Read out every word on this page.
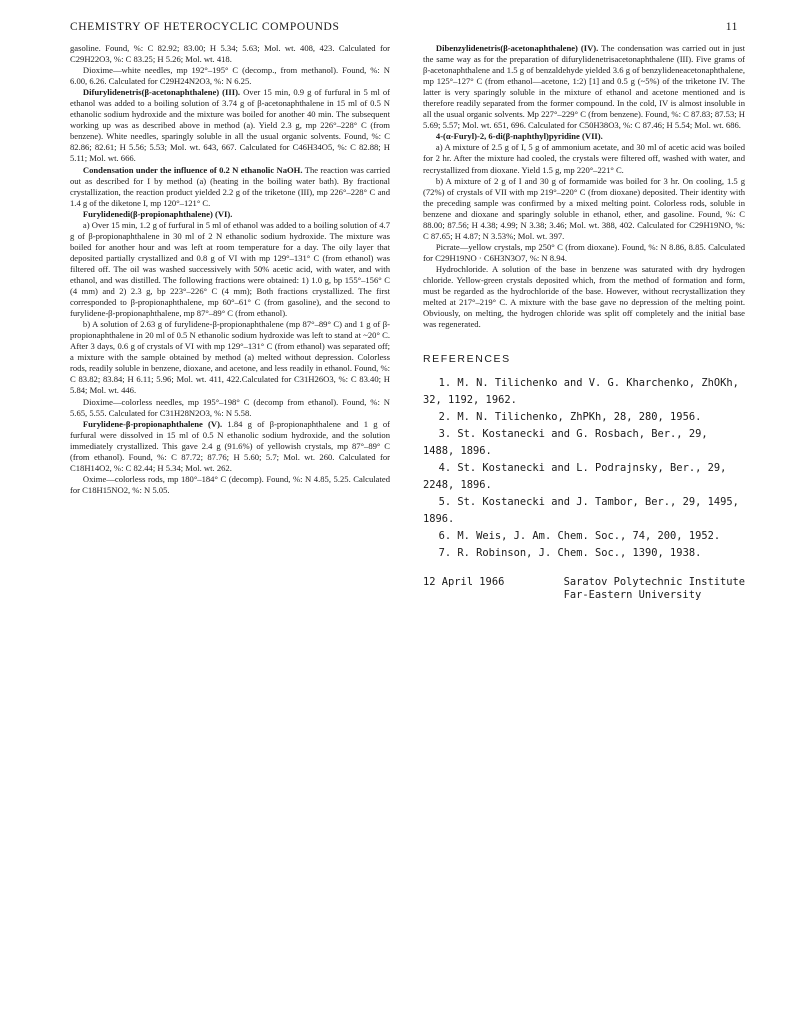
CHEMISTRY OF HETEROCYCLIC COMPOUNDS	11

gasoline. Found, %: C 82.92; 83.00; H 5.34; 5.63; Mol. wt. 408, 423. Calculated for C29H22O3, %: C 83.25; H 5.26; Mol. wt. 418.

Dioxime—white needles, mp 192°–195° C (decomp., from methanol). Found, %: N 6.00, 6.26. Calculated for C29H24N2O3, %: N 6.25.

Difurylidenetris(β-acetonaphthalene) (III). Over 15 min, 0.9 g of furfural in 5 ml of ethanol was added to a boiling solution of 3.74 g of β-acetonaphthalene in 15 ml of 0.5 N ethanolic sodium hydroxide and the mixture was boiled for another 40 min. The subsequent working up was as described above in method (a). Yield 2.3 g, mp 226°–228° C (from benzene). White needles, sparingly soluble in all the usual organic solvents. Found, %: C 82.86; 82.61; H 5.56; 5.53; Mol. wt. 643, 667. Calculated for C46H34O5, %: C 82.88; H 5.11; Mol. wt. 666.

Condensation under the influence of 0.2 N ethanolic NaOH. The reaction was carried out as described for I by method (a) (heating in the boiling water bath). By fractional crystallization, the reaction product yielded 2.2 g of the triketone (III), mp 226°–228° C and 1.4 g of the diketone I, mp 120°–121° C.

Furylidenedi(β-propionaphthalene) (VI).

a) Over 15 min, 1.2 g of furfural in 5 ml of ethanol was added to a boiling solution of 4.7 g of β-propionaphthalene in 30 ml of 2 N ethanolic sodium hydroxide. The mixture was boiled for another hour and was left at room temperature for a day. The oily layer that deposited partially crystallized and 0.8 g of VI with mp 129°–131° C (from ethanol) was filtered off. The oil was washed successively with 50% acetic acid, with water, and with ethanol, and was distilled. The following fractions were obtained: 1) 1.0 g, bp 155°–156° C (4 mm) and 2) 2.3 g, bp 223°–226° C (4 mm); Both fractions crystallized. The first corresponded to β-propionaphthalene, mp 60°–61° C (from gasoline), and the second to furylidene-β-propionaphthalene, mp 87°–89° C (from ethanol).

b) A solution of 2.63 g of furylidene-β-propionaphthalene (mp 87°–89° C) and 1 g of β-propionaphthalene in 20 ml of 0.5 N ethanolic sodium hydroxide was left to stand at ~20° C. After 3 days, 0.6 g of crystals of VI with mp 129°–131° C (from ethanol) was separated off; a mixture with the sample obtained by method (a) melted without depression. Colorless rods, readily soluble in benzene, dioxane, and acetone, and less readily in ethanol. Found, %: C 83.82; 83.84; H 6.11; 5.96; Mol. wt. 411, 422.Calculated for C31H26O3, %: C 83.40; H 5.84; Mol. wt. 446.

Dioxime—colorless needles, mp 195°–198° C (decomp from ethanol). Found, %: N 5.65, 5.55. Calculated for C31H28N2O3, %: N 5.58.

Furylidene-β-propionaphthalene (V). 1.84 g of β-propionaphthalene and 1 g of furfural were dissolved in 15 ml of 0.5 N ethanolic sodium hydroxide, and the solution immediately crystallized. This gave 2.4 g (91.6%) of yellowish crystals, mp 87°–89° C (from ethanol). Found, %: C 87.72; 87.76; H 5.60; 5.7; Mol. wt. 260. Calculated for C18H14O2, %: C 82.44; H 5.34; Mol. wt. 262.

Oxime—colorless rods, mp 180°–184° C (decomp). Found, %: N 4.85, 5.25. Calculated for C18H15NO2, %: N 5.05.

Dibenzylidenetris(β-acetonaphthalene) (IV). The condensation was carried out in just the same way as for the preparation of difurylidenetrisacetonaphthalene (III). Five grams of β-acetonaphthalene and 1.5 g of benzaldehyde yielded 3.6 g of benzylideneacetonaphthalene, mp 125°–127° C (from ethanol—acetone, 1:2) [1] and 0.5 g (~5%) of the triketone IV. The latter is very sparingly soluble in the mixture of ethanol and acetone mentioned and is therefore readily separated from the former compound. In the cold, IV is almost insoluble in all the usual organic solvents. Mp 227°–229° C (from benzene). Found, %: C 87.83; 87.53; H 5.69; 5.57; Mol. wt. 651, 696. Calculated for C50H38O3, %: C 87.46; H 5.54; Mol. wt. 686.

4-(α-Furyl)-2, 6-di(β-naphthyl)pyridine (VII).

a) A mixture of 2.5 g of I, 5 g of ammonium acetate, and 30 ml of acetic acid was boiled for 2 hr. After the mixture had cooled, the crystals were filtered off, washed with water, and recrystallized from dioxane. Yield 1.5 g, mp 220°–221° C.

b) A mixture of 2 g of I and 30 g of formamide was boiled for 3 hr. On cooling, 1.5 g (72%) of crystals of VII with mp 219°–220° C (from dioxane) deposited. Their identity with the preceding sample was confirmed by a mixed melting point. Colorless rods, soluble in benzene and dioxane and sparingly soluble in ethanol, ether, and gasoline. Found, %: C 88.00; 87.56; H 4.38; 4.99; N 3.38; 3.46; Mol. wt. 388, 402. Calculated for C29H19NO, %: C 87.65; H 4.87; N 3.53%; Mol. wt. 397.

Picrate—yellow crystals, mp 250° C (from dioxane). Found, %: N 8.86, 8.85. Calculated for C29H19NO · C6H3N3O7, %: N 8.94.

Hydrochloride. A solution of the base in benzene was saturated with dry hydrogen chloride. Yellow-green crystals deposited which, from the method of formation and form, must be regarded as the hydrochloride of the base. However, without recrystallization they melted at 217°–219° C. A mixture with the base gave no depression of the melting point. Obviously, on melting, the hydrogen chloride was split off completely and the initial base was regenerated.

REFERENCES

1. M. N. Tilichenko and V. G. Kharchenko, ZhOKh, 32, 1192, 1962.

2. M. N. Tilichenko, ZhPKh, 28, 280, 1956.

3. St. Kostanecki and G. Rosbach, Ber., 29, 1488, 1896.

4. St. Kostanecki and L. Podrajnsky, Ber., 29, 2248, 1896.

5. St. Kostanecki and J. Tambor, Ber., 29, 1495, 1896.

6. M. Weis, J. Am. Chem. Soc., 74, 200, 1952.

7. R. Robinson, J. Chem. Soc., 1390, 1938.

12 April 1966	Saratov Polytechnic Institute
Far-Eastern University
